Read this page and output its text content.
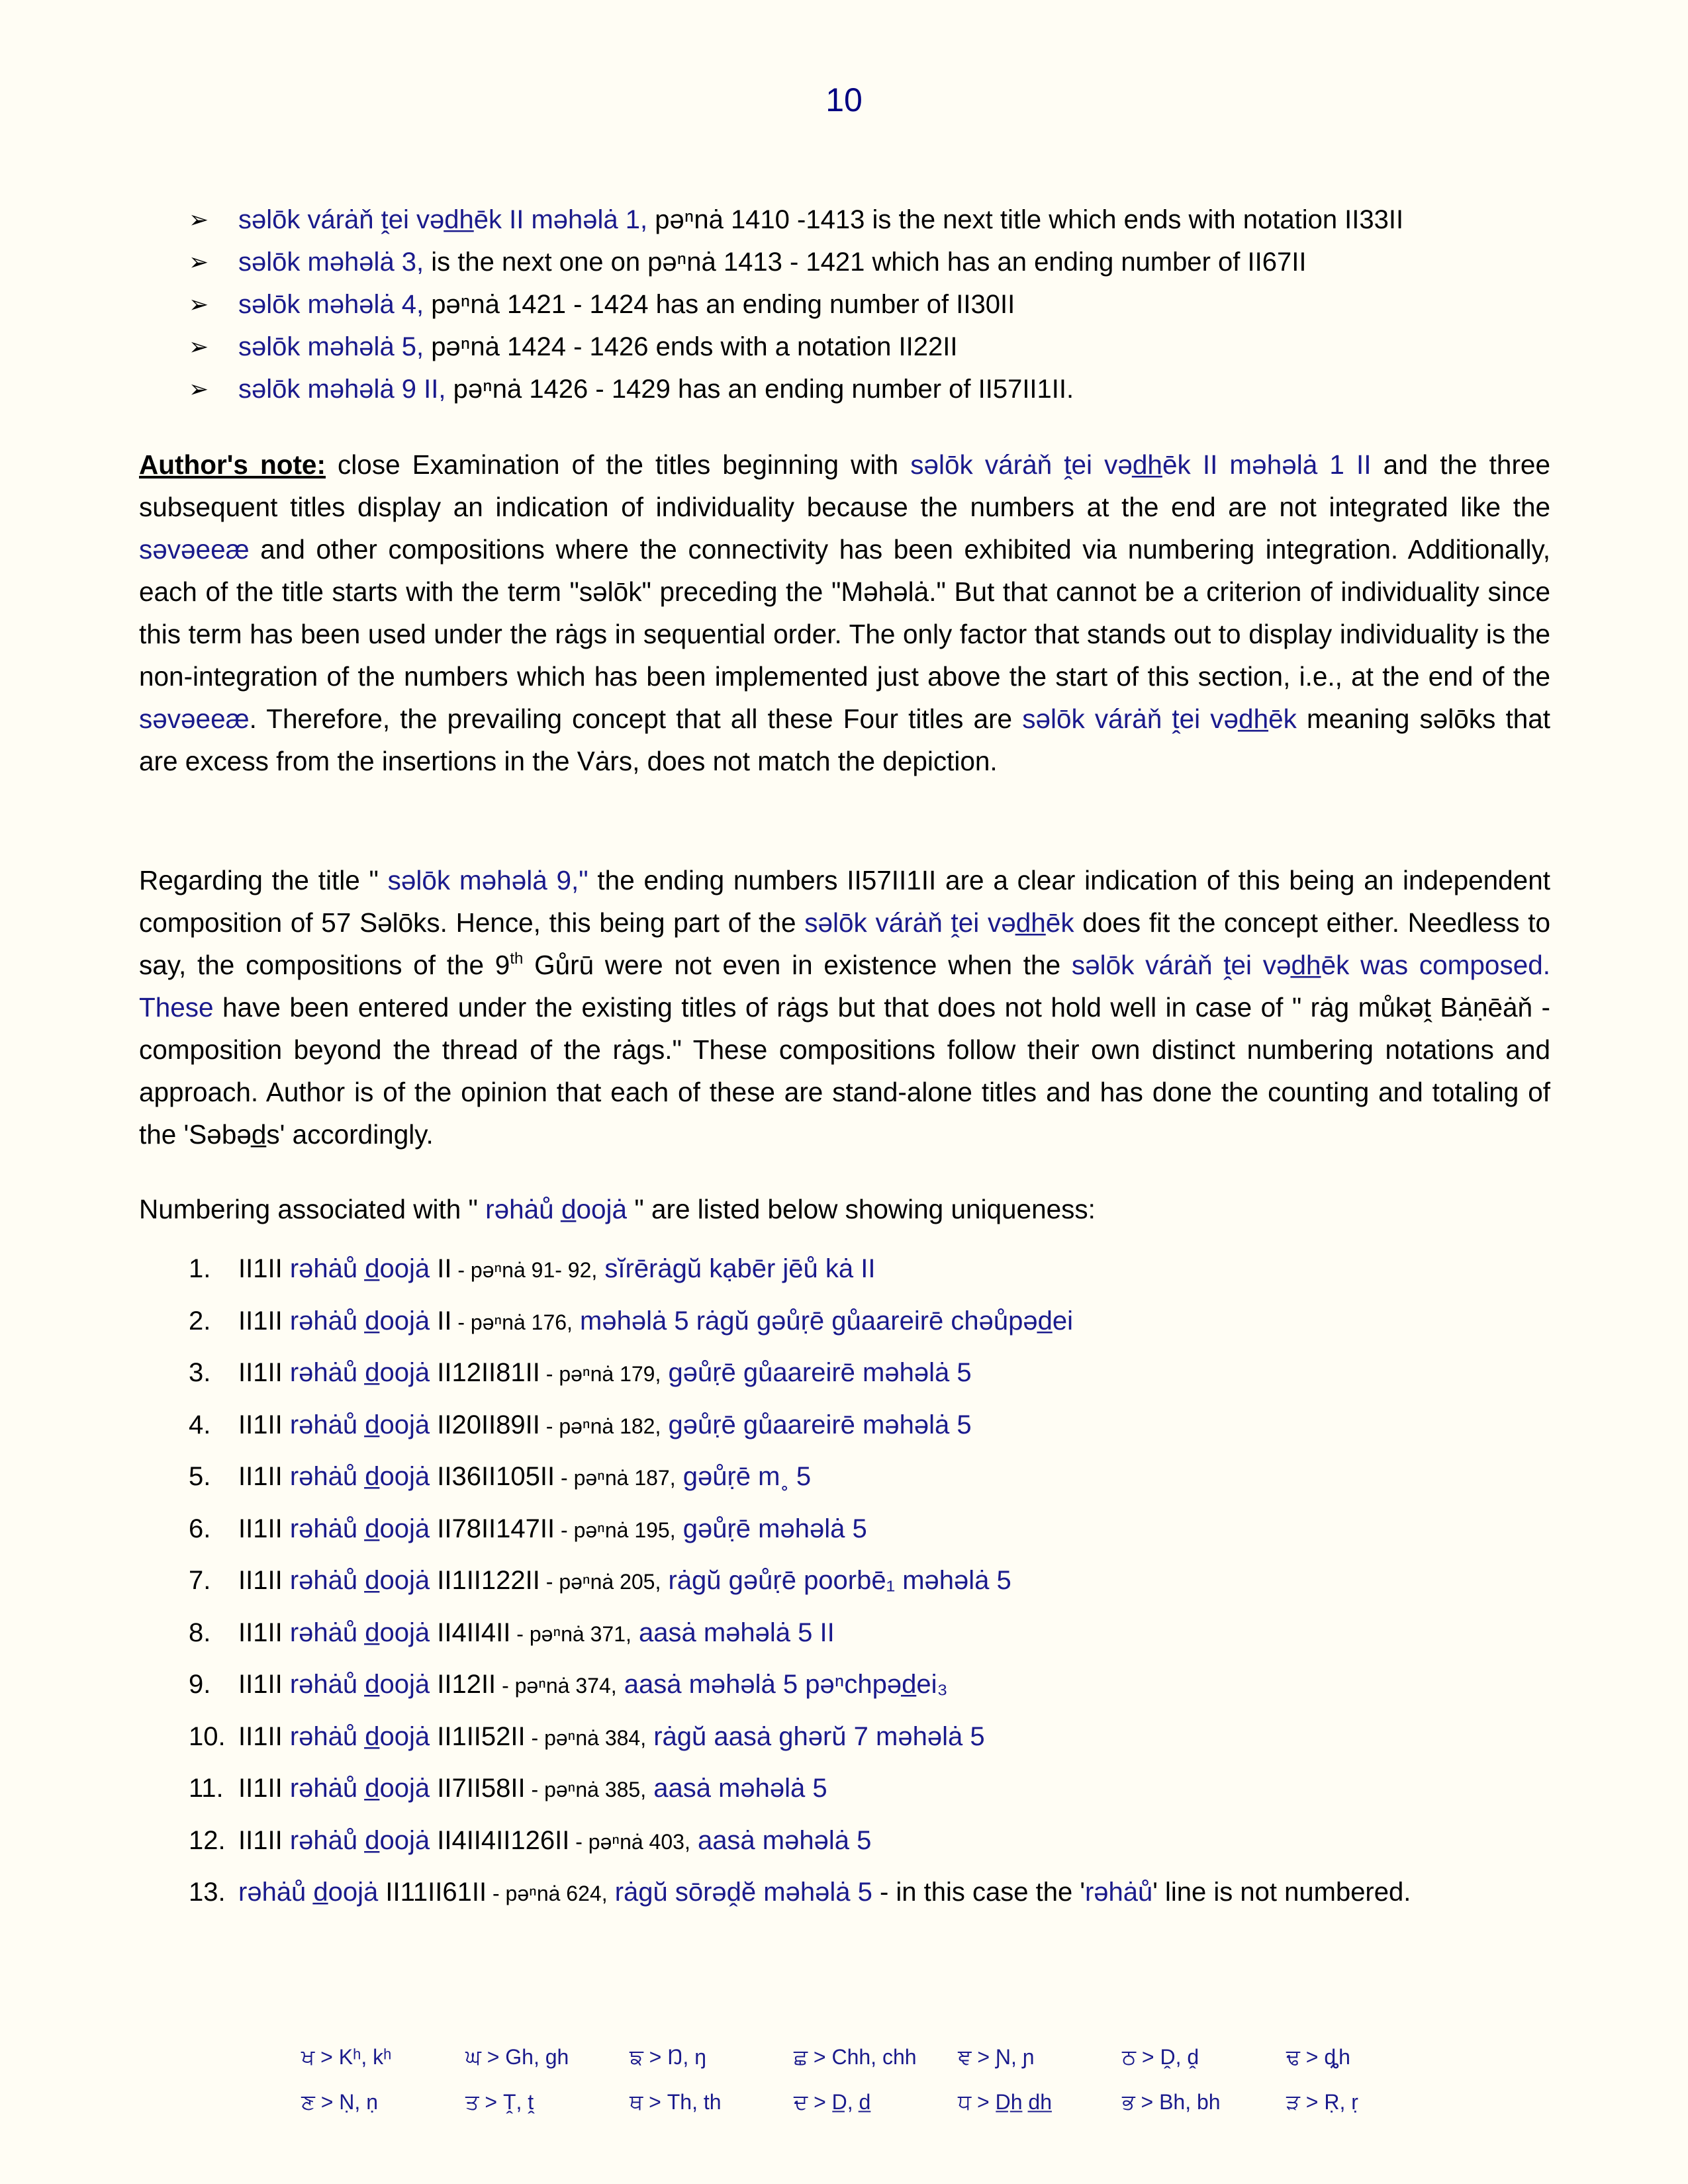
10
➢ səlōk várȧň ṱei vəd̲h̲ēk II məhəlȧ 1, pəⁿnȧ 1410 -1413 is the next title which ends with notation II33II
➢ səlōk məhəlȧ 3, is the next one on pəⁿnȧ 1413 - 1421 which has an ending number of II67II
➢ səlōk məhəlȧ 4, pəⁿnȧ 1421 - 1424 has an ending number of II30II
➢ səlōk məhəlȧ 5, pəⁿnȧ 1424 - 1426 ends with a notation II22II
➢ səlōk məhəlȧ 9 II, pəⁿnȧ 1426 - 1429 has an ending number of II57II1II.

Author's note: close Examination of the titles beginning with səlōk várȧň ṱei vəd̲h̲ēk II məhəlȧ 1 II and the three subsequent titles display an indication of individuality because the numbers at the end are not integrated like the səvəeeæ and other compositions where the connectivity has been exhibited via numbering integration. Additionally, each of the title starts with the term "səlōk" preceding the "Məhəlȧ." But that cannot be a criterion of individuality since this term has been used under the rȧgs in sequential order. The only factor that stands out to display individuality is the non-integration of the numbers which has been implemented just above the start of this section, i.e., at the end of the səvəeeæ. Therefore, the prevailing concept that all these Four titles are səlōk várȧň ṱei vəd̲h̲ēk meaning səlōks that are excess from the insertions in the Vȧrs, does not match the depiction.

Regarding the title " səlōk məhəlȧ 9," the ending numbers II57II1II are a clear indication of this being an independent composition of 57 Səlōks. Hence, this being part of the səlōk várȧň ṱei vəd̲h̲ēk does fit the concept either. Needless to say, the compositions of the 9th Gůrū were not even in existence when the səlōk várȧň ṱei vəd̲h̲ēk was composed. These have been entered under the existing titles of rȧgs but that does not hold well in case of " rȧg můkəṱ Bȧṇēȧň - composition beyond the thread of the rȧgs." These compositions follow their own distinct numbering notations and approach. Author is of the opinion that each of these are stand-alone titles and has done the counting and totaling of the 'Səbəd̲s' accordingly.

Numbering associated with " rəhȧů d̲oojȧ " are listed below showing uniqueness:
1. II1II rəhȧů d̲oojȧ II - pəⁿnȧ 91- 92, sĭrērȧgŭ kạbēr jēů kȧ II
2. II1II rəhȧů d̲oojȧ II - pəⁿnȧ 176, məhəlȧ 5 rȧgŭ gəůṛē gůaareirē chəůpəd̲ei
3. II1II rəhȧů d̲oojȧ II12II81II - pəⁿnȧ 179, gəůṛē gůaareirē məhəlȧ 5
4. II1II rəhȧů d̲oojȧ II20II89II - pəⁿnȧ 182, gəůṛē gůaareirē məhəlȧ 5
5. II1II rəhȧů d̲oojȧ II36II105II - pəⁿnȧ 187, gəůṛē m˳ 5
6. II1II rəhȧů d̲oojȧ II78II147II - pəⁿnȧ 195, gəůṛē məhəlȧ 5
7. II1II rəhȧů d̲oojȧ II1II122II - pəⁿnȧ 205, rȧgŭ gəůṛē poorbē₁ məhəlȧ 5
8. II1II rəhȧů d̲oojȧ II4II4II - pəⁿnȧ 371, aasȧ məhəlȧ 5 II
9. II1II rəhȧů d̲oojȧ II12II - pəⁿnȧ 374, aasȧ məhəlȧ 5 pəⁿchpəd̲ei₃
10. II1II rəhȧů d̲oojȧ II1II52II - pəⁿnȧ 384, rȧgŭ aasȧ ghərŭ 7 məhəlȧ 5
11. II1II rəhȧů d̲oojȧ II7II58II - pəⁿnȧ 385, aasȧ məhəlȧ 5
12. II1II rəhȧů d̲oojȧ II4II4II126II - pəⁿnȧ 403, aasȧ məhəlȧ 5
13. rəhȧů d̲oojȧ II11II61II - pəⁿnȧ 624, rȧgŭ sōrəḓĕ məhəlȧ 5 - in this case the 'rəhȧů' line is not numbered.
ਖ > Kʰ, kʰ	ਘ > Gh, gh	ਙ > Ŋ, ŋ	ਛ > Chh, chh	ਞ > Ɲ, ɲ	ਠ > Ḓ, ḓ	ਢ > ȡh
ਣ > Ṇ, ṇ	ਤ > Ṱ, ṱ	ਥ > Th, th	ਦ > D̲, d̲	ਧ > D̲h̲ d̲h̲	ਭ > Bh, bh	ੜ > Ṛ, ṛ
